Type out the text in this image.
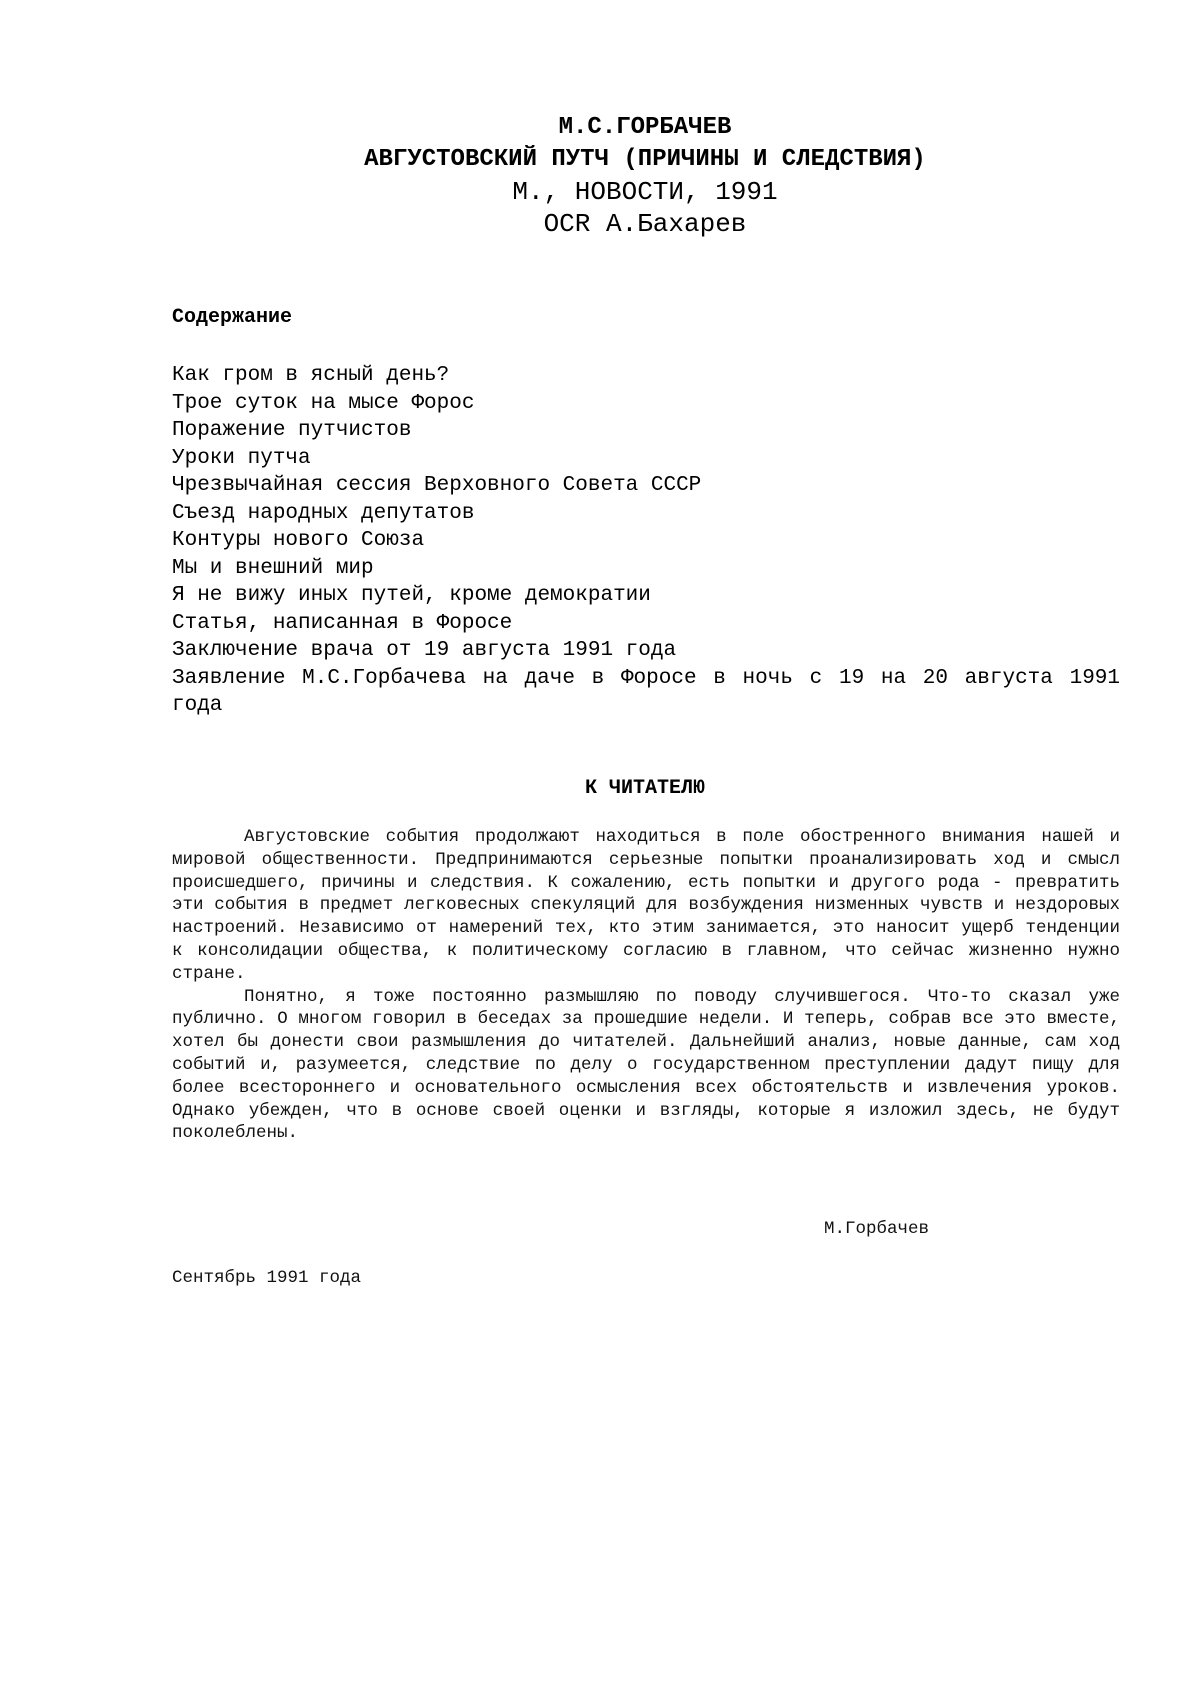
М.С.ГОРБАЧЕВ
АВГУСТОВСКИЙ ПУТЧ (ПРИЧИНЫ И СЛЕДСТВИЯ)
М., НОВОСТИ, 1991
OCR А.Бахарев
Содержание
Как гром в ясный день?
Трое суток на мысе Форос
Поражение путчистов
Уроки путча
Чрезвычайная сессия Верховного Совета СССР
Съезд народных депутатов
Контуры нового Союза
Мы и внешний мир
Я не вижу иных путей, кроме демократии
Статья, написанная в Форосе
Заключение врача от 19 августа 1991 года
Заявление М.С.Горбачева на даче в Форосе в ночь с 19 на 20 августа 1991 года
К ЧИТАТЕЛЮ

Августовские события продолжают находиться в поле обостренного внимания нашей и мировой общественности. Предпринимаются серьезные попытки проанализировать ход и смысл происшедшего, причины и следствия. К сожалению, есть попытки и другого рода - превратить эти события в предмет легковесных спекуляций для возбуждения низменных чувств и нездоровых настроений. Независимо от намерений тех, кто этим занимается, это наносит ущерб тенденции к консолидации общества, к политическому согласию в главном, что сейчас жизненно нужно стране.

Понятно, я тоже постоянно размышляю по поводу случившегося. Что-то сказал уже публично. О многом говорил в беседах за прошедшие недели. И теперь, собрав все это вместе, хотел бы донести свои размышления до читателей. Дальнейший анализ, новые данные, сам ход событий и, разумеется, следствие по делу о государственном преступлении дадут пищу для более всестороннего и основательного осмысления всех обстоятельств и извлечения уроков. Однако убежден, что в основе своей оценки и взгляды, которые я изложил здесь, не будут поколеблены.

М.Горбачев
Сентябрь 1991 года
